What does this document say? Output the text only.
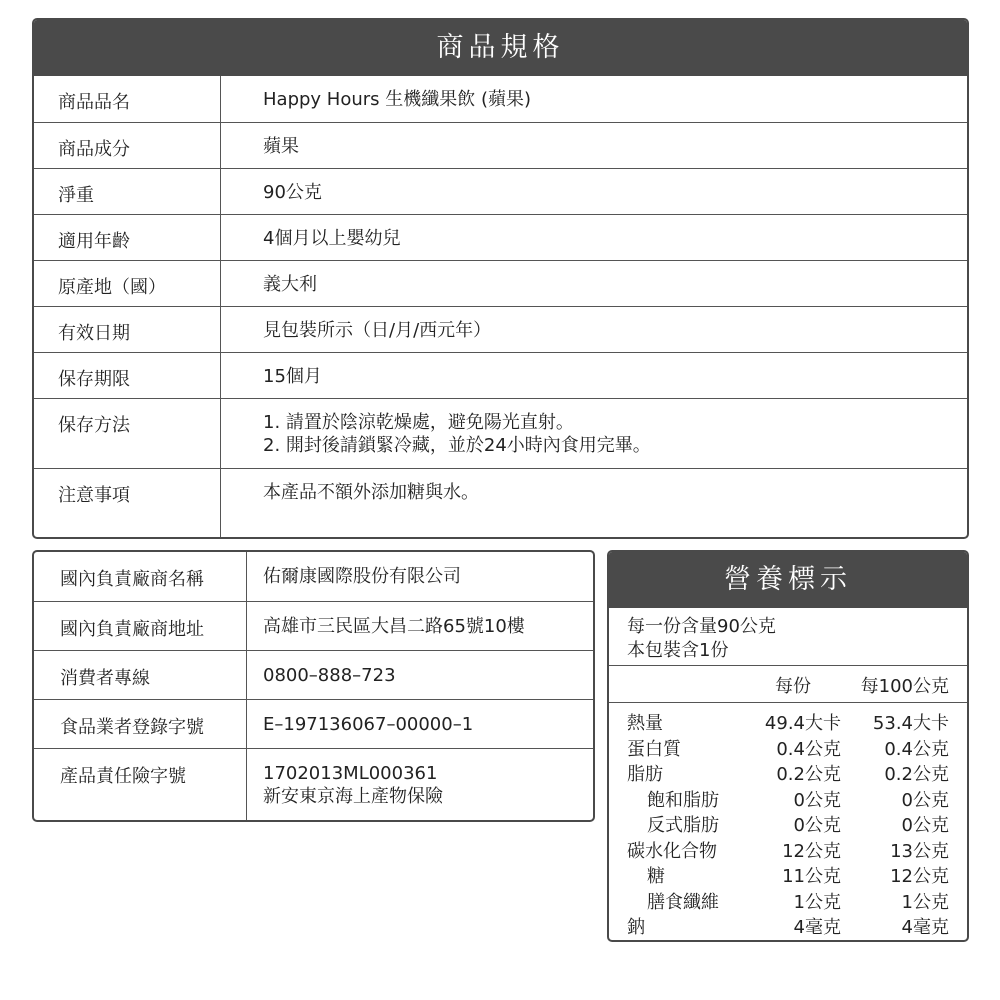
商品規格
商品品名	Happy Hours 生機纖果飲 (蘋果)
商品成分	蘋果
淨重	90公克
適用年齡	4個月以上嬰幼兒
原產地（國）	義大利
有效日期	見包裝所示（日/月/西元年）
保存期限	15個月
保存方法	1. 請置於陰涼乾燥處，避免陽光直射。
2. 開封後請鎖緊冷藏，並於24小時內食用完畢。
注意事項	本產品不額外添加糖與水。
國內負責廠商名稱	佑爾康國際股份有限公司
國內負責廠商地址	高雄市三民區大昌二路65號10樓
消費者專線	0800–888–723
食品業者登錄字號	E–197136067–00000–1
產品責任險字號	1702013ML000361
新安東京海上產物保險
營養標示
每一份含量90公克
本包裝含1份
每份	每100公克
熱量	49.4大卡 53.4大卡
蛋白質	0.4公克 0.4公克
脂肪	0.2公克 0.2公克
飽和脂肪	0公克	0公克
反式脂肪	0公克	0公克
碳水化合物	12公克	13公克
糖	11公克	12公克
膳食纖維	1公克	1公克
鈉	4毫克	4毫克
